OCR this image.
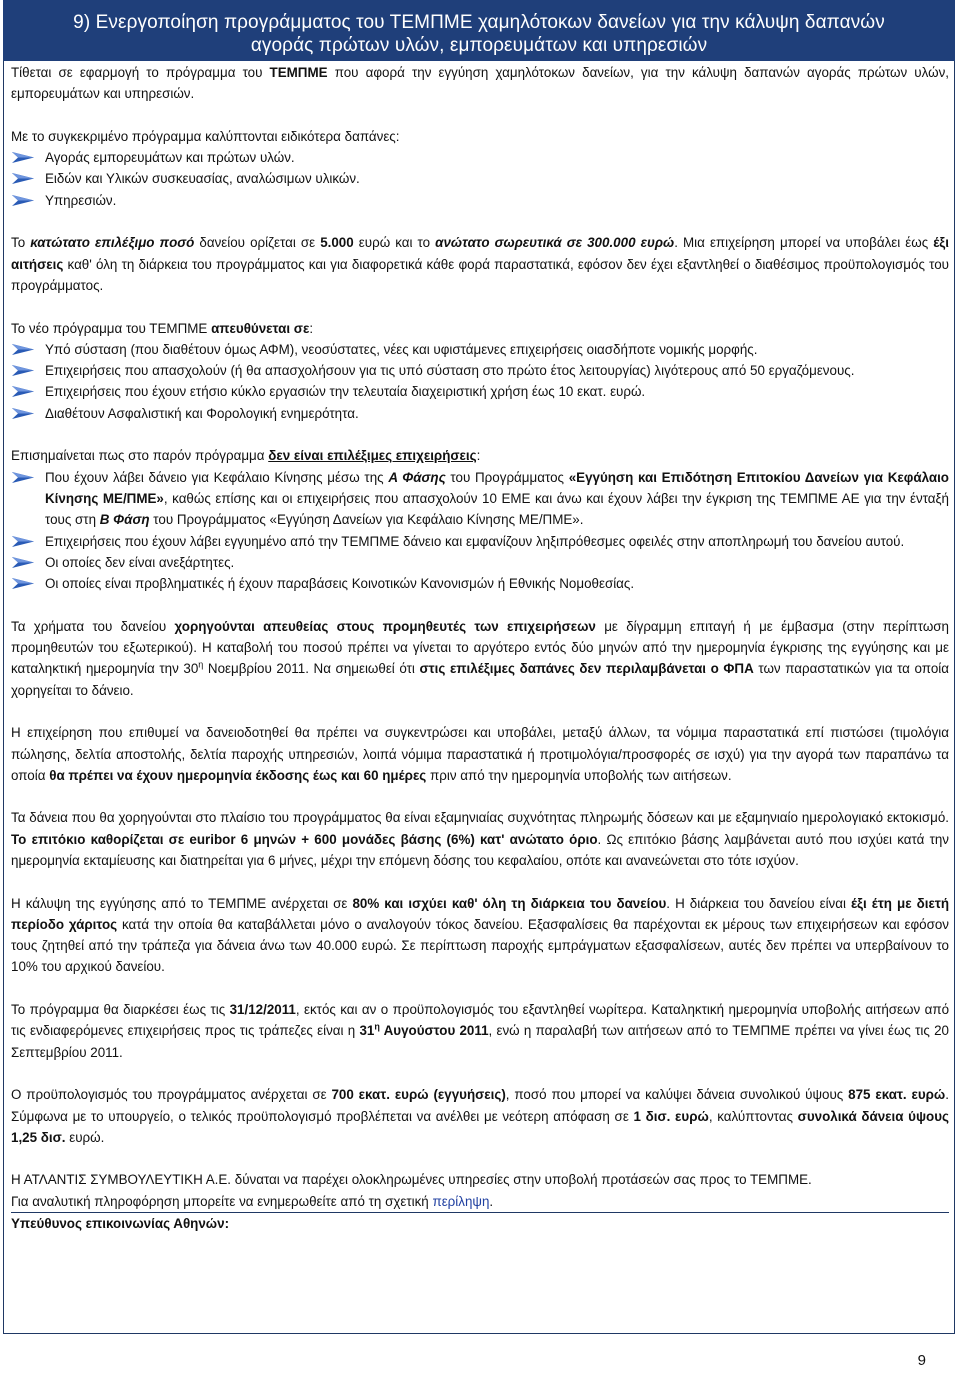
9) Ενεργοποίηση προγράμματος του ΤΕΜΠΜΕ χαμηλότοκων δανείων για την κάλυψη δαπανών
αγοράς πρώτων υλών, εμπορευμάτων και υπηρεσιών

Τίθεται σε εφαρμογή το πρόγραμμα του ΤΕΜΠΜΕ που αφορά την εγγύηση χαμηλότοκων δανείων, για την κάλυψη δαπανών αγοράς πρώτων υλών, εμπορευμάτων και υπηρεσιών.

Με το συγκεκριμένο πρόγραμμα καλύπτονται ειδικότερα δαπάνες:

Αγοράς εμπορευμάτων και πρώτων υλών.

Ειδών και Υλικών συσκευασίας, αναλώσιμων υλικών.

Υπηρεσιών.

Το κατώτατο επιλέξιμο ποσό δανείου ορίζεται σε 5.000 ευρώ και το ανώτατο σωρευτικά σε 300.000 ευρώ. Μια επιχείρηση μπορεί να υποβάλει έως έξι αιτήσεις καθ' όλη τη διάρκεια του προγράμματος και για διαφορετικά κάθε φορά παραστατικά, εφόσον δεν έχει εξαντληθεί ο διαθέσιμος προϋπολογισμός του προγράμματος.

Το νέο πρόγραμμα του ΤΕΜΠΜΕ απευθύνεται σε:

Υπό σύσταση (που διαθέτουν όμως ΑΦΜ), νεοσύστατες, νέες και υφιστάμενες επιχειρήσεις οιασδήποτε νομικής μορφής.

Επιχειρήσεις που απασχολούν (ή θα απασχολήσουν για τις υπό σύσταση στο πρώτο έτος λειτουργίας) λιγότερους από 50 εργαζόμενους.

Επιχειρήσεις που έχουν ετήσιο κύκλο εργασιών την τελευταία διαχειριστική χρήση έως 10 εκατ. ευρώ.

Διαθέτουν Ασφαλιστική και Φορολογική ενημερότητα.

Επισημαίνεται πως στο παρόν πρόγραμμα δεν είναι επιλέξιμες επιχειρήσεις:

Που έχουν λάβει δάνειο για Κεφάλαιο Κίνησης μέσω της Α Φάσης του Προγράμματος «Εγγύηση και Επιδότηση Επιτοκίου Δανείων για Κεφάλαιο Κίνησης ΜΕ/ΠΜΕ», καθώς επίσης και οι επιχειρήσεις που απασχολούν 10 ΕΜΕ και άνω και έχουν λάβει την έγκριση της ΤΕΜΠΜΕ ΑΕ για την ένταξή τους στη Β Φάση του Προγράμματος «Εγγύηση Δανείων για Κεφάλαιο Κίνησης ΜΕ/ΠΜΕ».

Επιχειρήσεις που έχουν λάβει εγγυημένο από την ΤΕΜΠΜΕ δάνειο και εμφανίζουν ληξιπρόθεσμες οφειλές στην αποπληρωμή του δανείου αυτού.

Οι οποίες δεν είναι ανεξάρτητες.

Οι οποίες είναι προβληματικές ή έχουν παραβάσεις Κοινοτικών Κανονισμών ή Εθνικής Νομοθεσίας.

Τα χρήματα του δανείου χορηγούνται απευθείας στους προμηθευτές των επιχειρήσεων με δίγραμμη επιταγή ή με έμβασμα (στην περίπτωση προμηθευτών του εξωτερικού). Η καταβολή του ποσού πρέπει να γίνεται το αργότερο εντός δύο μηνών από την ημερομηνία έγκρισης της εγγύησης και με καταληκτική ημερομηνία την $30^\eta$ Νοεμβρίου 2011. Να σημειωθεί ότι στις επιλέξιμες δαπάνες δεν περιλαμβάνεται ο ΦΠΑ των παραστατικών για τα οποία χορηγείται το δάνειο.

Η επιχείρηση που επιθυμεί να δανειοδοτηθεί θα πρέπει να συγκεντρώσει και υποβάλει, μεταξύ άλλων, τα νόμιμα παραστατικά επί πιστώσει (τιμολόγια πώλησης, δελτία αποστολής, δελτία παροχής υπηρεσιών, λοιπά νόμιμα παραστατικά ή προτιμολόγια/προσφορές σε ισχύ) για την αγορά των παραπάνω τα οποία θα πρέπει να έχουν ημερομηνία έκδοσης έως και 60 ημέρες πριν από την ημερομηνία υποβολής των αιτήσεων.

Τα δάνεια που θα χορηγούνται στο πλαίσιο του προγράμματος θα είναι εξαμηνιαίας συχνότητας πληρωμής δόσεων και με εξαμηνιαίο ημερολογιακό εκτοκισμό. Το επιτόκιο καθορίζεται σε euribor 6 μηνών + 600 μονάδες βάσης (6%) κατ' ανώτατο όριο. Ως επιτόκιο βάσης λαμβάνεται αυτό που ισχύει κατά την ημερομηνία εκταμίευσης και διατηρείται για 6 μήνες, μέχρι την επόμενη δόσης του κεφαλαίου, οπότε και ανανεώνεται στο τότε ισχύον.

Η κάλυψη της εγγύησης από το ΤΕΜΠΜΕ ανέρχεται σε 80% και ισχύει καθ' όλη τη διάρκεια του δανείου. Η διάρκεια του δανείου είναι έξι έτη με διετή περίοδο χάριτος κατά την οποία θα καταβάλλεται μόνο ο αναλογούν τόκος δανείου. Εξασφαλίσεις θα παρέχονται εκ μέρους των επιχειρήσεων και εφόσον τους ζητηθεί από την τράπεζα για δάνεια άνω των 40.000 ευρώ. Σε περίπτωση παροχής εμπράγματων εξασφαλίσεων, αυτές δεν πρέπει να υπερβαίνουν το 10% του αρχικού δανείου.

Το πρόγραμμα θα διαρκέσει έως τις 31/12/2011, εκτός και αν ο προϋπολογισμός του εξαντληθεί νωρίτερα. Καταληκτική ημερομηνία υποβολής αιτήσεων από τις ενδιαφερόμενες επιχειρήσεις προς τις τράπεζες είναι η $31^\eta$ Αυγούστου 2011, ενώ η παραλαβή των αιτήσεων από το ΤΕΜΠΜΕ πρέπει να γίνει έως τις 20 Σεπτεμβρίου 2011.

Ο προϋπολογισμός του προγράμματος ανέρχεται σε 700 εκατ. ευρώ (εγγυήσεις), ποσό που μπορεί να καλύψει δάνεια συνολικού ύψους 875 εκατ. ευρώ. Σύμφωνα με το υπουργείο, ο τελικός προϋπολογισμό προβλέπεται να ανέλθει με νεότερη απόφαση σε 1 δισ. ευρώ, καλύπτοντας συνολικά δάνεια ύψους 1,25 δισ. ευρώ.

Η ΑΤΛΑΝΤΙΣ ΣΥΜΒΟΥΛΕΥΤΙΚΗ Α.Ε. δύναται να παρέχει ολοκληρωμένες υπηρεσίες στην υποβολή προτάσεών σας προς το ΤΕΜΠΜΕ.

Για αναλυτική πληροφόρηση μπορείτε να ενημερωθείτε από τη σχετική περίληψη.

Υπεύθυνος επικοινωνίας Αθηνών:

9
